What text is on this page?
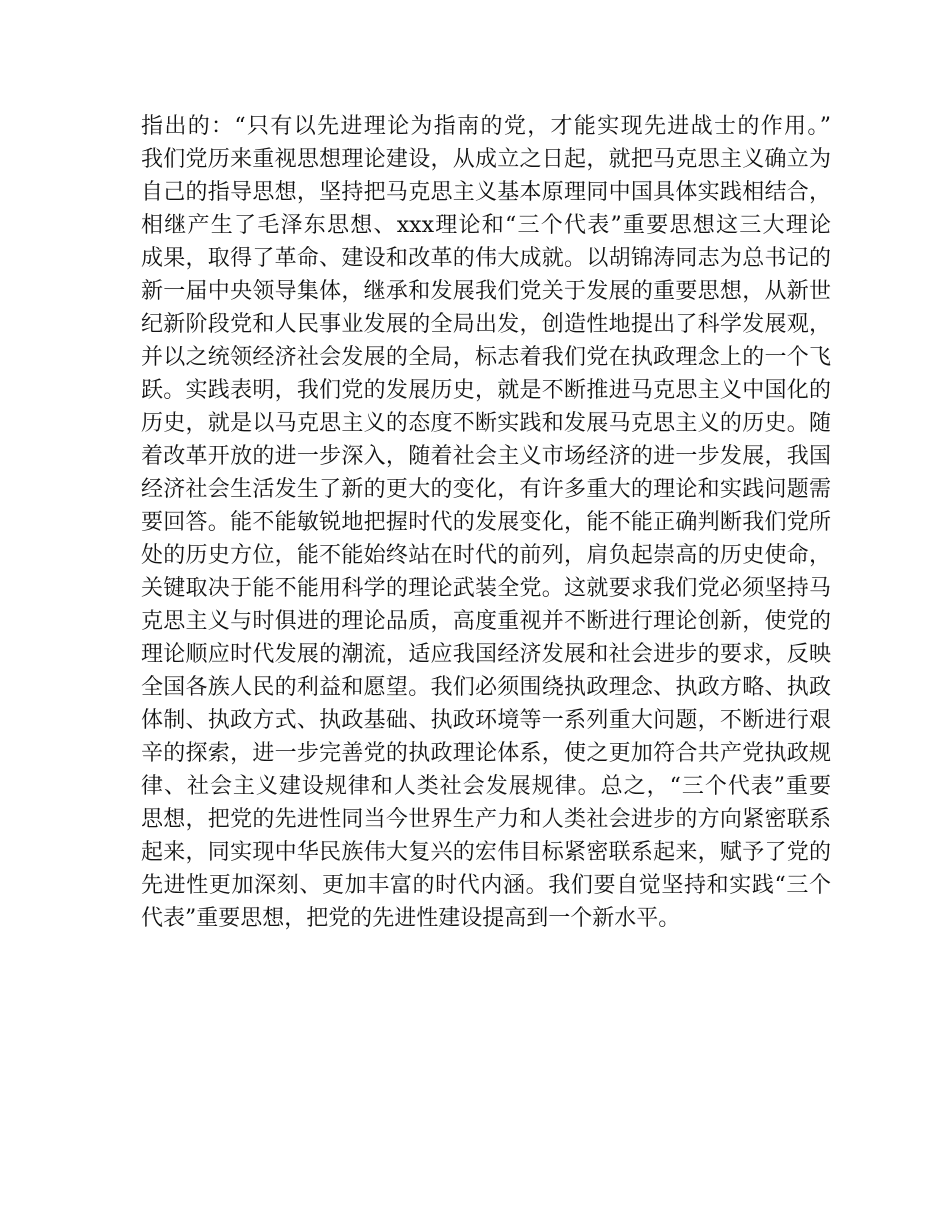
指出的：“只有以先进理论为指南的党，才能实现先进战士的作用。”
我们党历来重视思想理论建设，从成立之日起，就把马克思主义确立为
自己的指导思想，坚持把马克思主义基本原理同中国具体实践相结合，
相继产生了毛泽东思想、xxx理论和“三个代表”重要思想这三大理论
成果，取得了革命、建设和改革的伟大成就。以胡锦涛同志为总书记的
新一届中央领导集体，继承和发展我们党关于发展的重要思想，从新世
纪新阶段党和人民事业发展的全局出发，创造性地提出了科学发展观，
并以之统领经济社会发展的全局，标志着我们党在执政理念上的一个飞
跃。实践表明，我们党的发展历史，就是不断推进马克思主义中国化的
历史，就是以马克思主义的态度不断实践和发展马克思主义的历史。随
着改革开放的进一步深入，随着社会主义市场经济的进一步发展，我国
经济社会生活发生了新的更大的变化，有许多重大的理论和实践问题需
要回答。能不能敏锐地把握时代的发展变化，能不能正确判断我们党所
处的历史方位，能不能始终站在时代的前列，肩负起崇高的历史使命，
关键取决于能不能用科学的理论武装全党。这就要求我们党必须坚持马
克思主义与时俱进的理论品质，高度重视并不断进行理论创新，使党的
理论顺应时代发展的潮流，适应我国经济发展和社会进步的要求，反映
全国各族人民的利益和愿望。我们必须围绕执政理念、执政方略、执政
体制、执政方式、执政基础、执政环境等一系列重大问题，不断进行艰
辛的探索，进一步完善党的执政理论体系，使之更加符合共产党执政规
律、社会主义建设规律和人类社会发展规律。总之，“三个代表”重要
思想，把党的先进性同当今世界生产力和人类社会进步的方向紧密联系
起来，同实现中华民族伟大复兴的宏伟目标紧密联系起来，赋予了党的
先进性更加深刻、更加丰富的时代内涵。我们要自觉坚持和实践“三个
代表”重要思想，把党的先进性建设提高到一个新水平。
